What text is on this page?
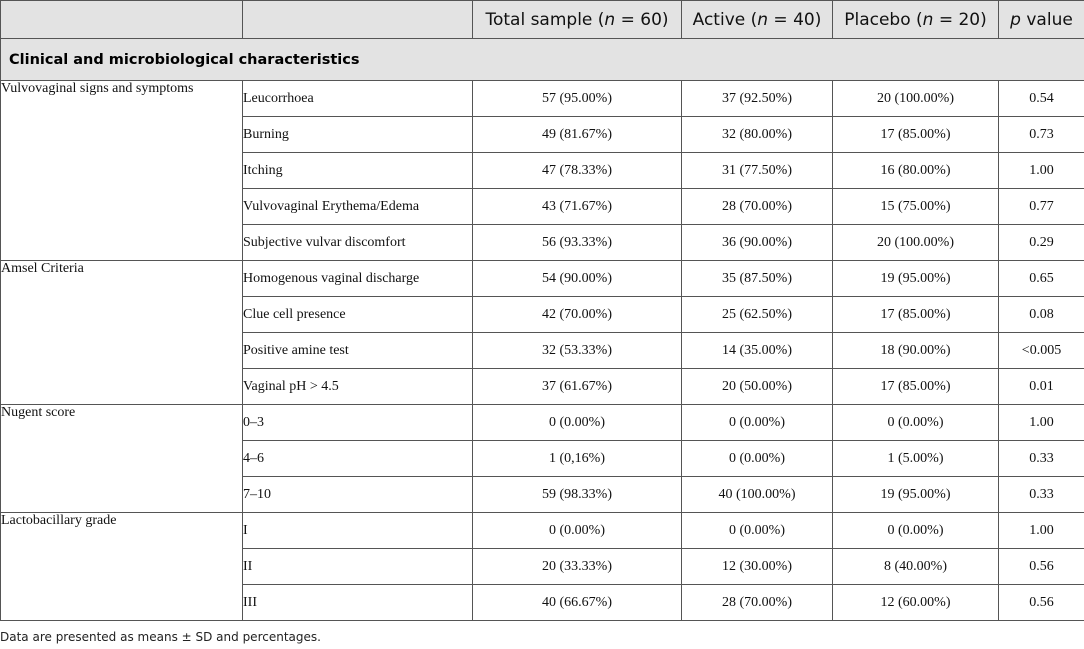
		Total sample (n = 60)	Active (n = 40)	Placebo (n = 20)	p value
Clinical and microbiological characteristics					
Vulvovaginal signs and symptoms	Leucorrhoea	57 (95.00%)	37 (92.50%)	20 (100.00%)	0.54
	Burning	49 (81.67%)	32 (80.00%)	17 (85.00%)	0.73
	Itching	47 (78.33%)	31 (77.50%)	16 (80.00%)	1.00
	Vulvovaginal Erythema/Edema	43 (71.67%)	28 (70.00%)	15 (75.00%)	0.77
	Subjective vulvar discomfort	56 (93.33%)	36 (90.00%)	20 (100.00%)	0.29
Amsel Criteria	Homogenous vaginal discharge	54 (90.00%)	35 (87.50%)	19 (95.00%)	0.65
	Clue cell presence	42 (70.00%)	25 (62.50%)	17 (85.00%)	0.08
	Positive amine test	32 (53.33%)	14 (35.00%)	18 (90.00%)	<0.005
	Vaginal pH > 4.5	37 (61.67%)	20 (50.00%)	17 (85.00%)	0.01
Nugent score	0–3	0 (0.00%)	0 (0.00%)	0 (0.00%)	1.00
	4–6	1 (0,16%)	0 (0.00%)	1 (5.00%)	0.33
	7–10	59 (98.33%)	40 (100.00%)	19 (95.00%)	0.33
Lactobacillary grade	I	0 (0.00%)	0 (0.00%)	0 (0.00%)	1.00
	II	20 (33.33%)	12 (30.00%)	8 (40.00%)	0.56
	III	40 (66.67%)	28 (70.00%)	12 (60.00%)	0.56
Data are presented as means ± SD and percentages.
